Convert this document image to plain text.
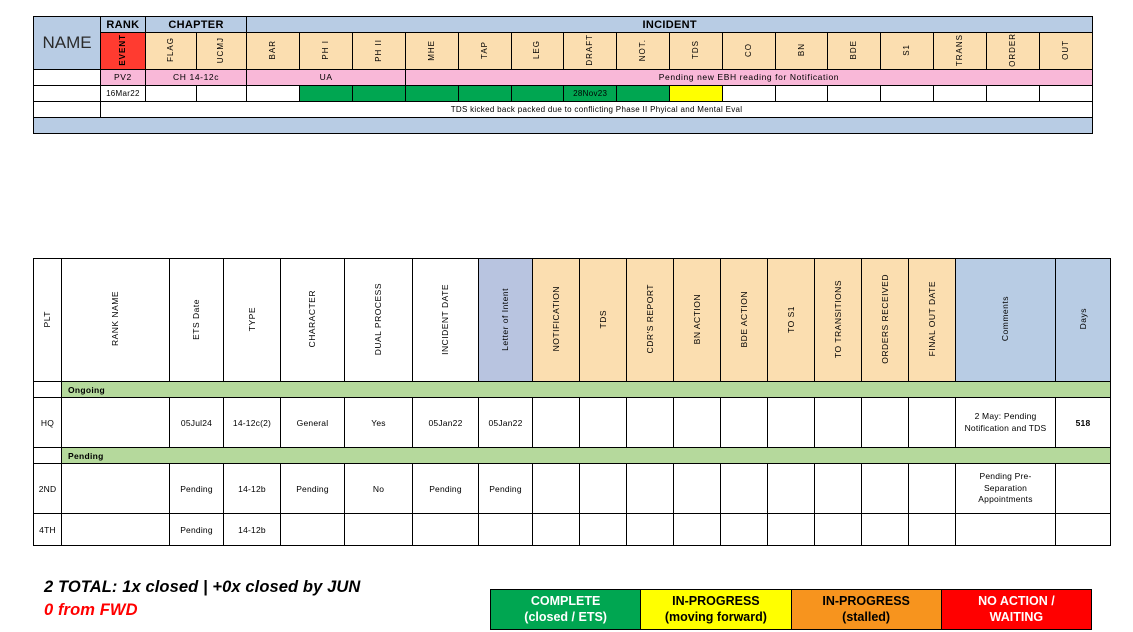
NAME	RANK	CHAPTER		INCIDENT															
	EVENT	FLAG	UCMJ	BAR	PH I	PH II	MHE	TAP	LEG	DRAFT	NOT.	TDS	CO	BN	BDE	S1	TRANS	ORDER	OUT
	PV2	CH 14-12c		UA			Pending new EBH reading for Notification												
	16Mar22									28Nov23									
	TDS kicked back packed due to conflicting Phase II Phyical and Mental Eval																		

PLT	RANK NAME	ETS Date	TYPE	CHARACTER	DUAL PROCESS	INCIDENT DATE	Letter of Intent	NOTIFICATION	TDS	CDR'S REPORT	BN ACTION	BDE ACTION	TO S1	TO TRANSITIONS	ORDERS RECEIVED	FINAL OUT DATE	Comments	Days
	Ongoing																	
HQ		05Jul24	14-12c(2)	General	Yes	05Jan22	05Jan22										2 May: Pending Notification and TDS	518
	Pending																	
2ND		Pending	14-12b	Pending	No	Pending	Pending										Pending Pre-Separation Appointments	
4TH		Pending	14-12b															
2 TOTAL: 1x closed | +0x closed by JUN
0 from FWD
COMPLETE
(closed / ETS)
IN-PROGRESS
(moving forward)
IN-PROGRESS
(stalled)
NO ACTION /
WAITING
